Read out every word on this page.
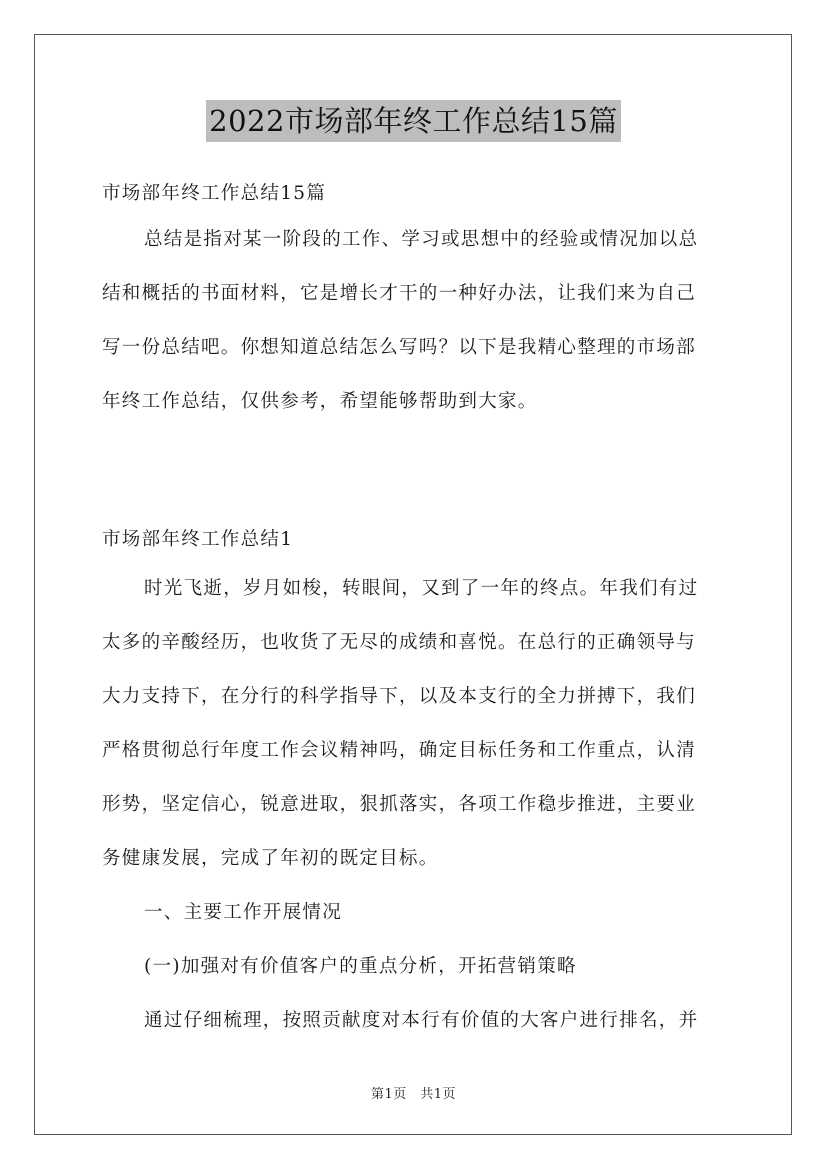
2022市场部年终工作总结15篇

市场部年终工作总结15篇

总结是指对某一阶段的工作、学习或思想中的经验或情况加以总

结和概括的书面材料，它是增长才干的一种好办法，让我们来为自己

写一份总结吧。你想知道总结怎么写吗？以下是我精心整理的市场部

年终工作总结，仅供参考，希望能够帮助到大家。

市场部年终工作总结1

时光飞逝，岁月如梭，转眼间，又到了一年的终点。年我们有过

太多的辛酸经历，也收货了无尽的成绩和喜悦。在总行的正确领导与

大力支持下，在分行的科学指导下，以及本支行的全力拼搏下，我们

严格贯彻总行年度工作会议精神吗，确定目标任务和工作重点，认清

形势，坚定信心，锐意进取，狠抓落实，各项工作稳步推进，主要业

务健康发展，完成了年初的既定目标。

一、主要工作开展情况

(一)加强对有价值客户的重点分析，开拓营销策略

通过仔细梳理，按照贡献度对本行有价值的大客户进行排名，并

第1页　共1页
